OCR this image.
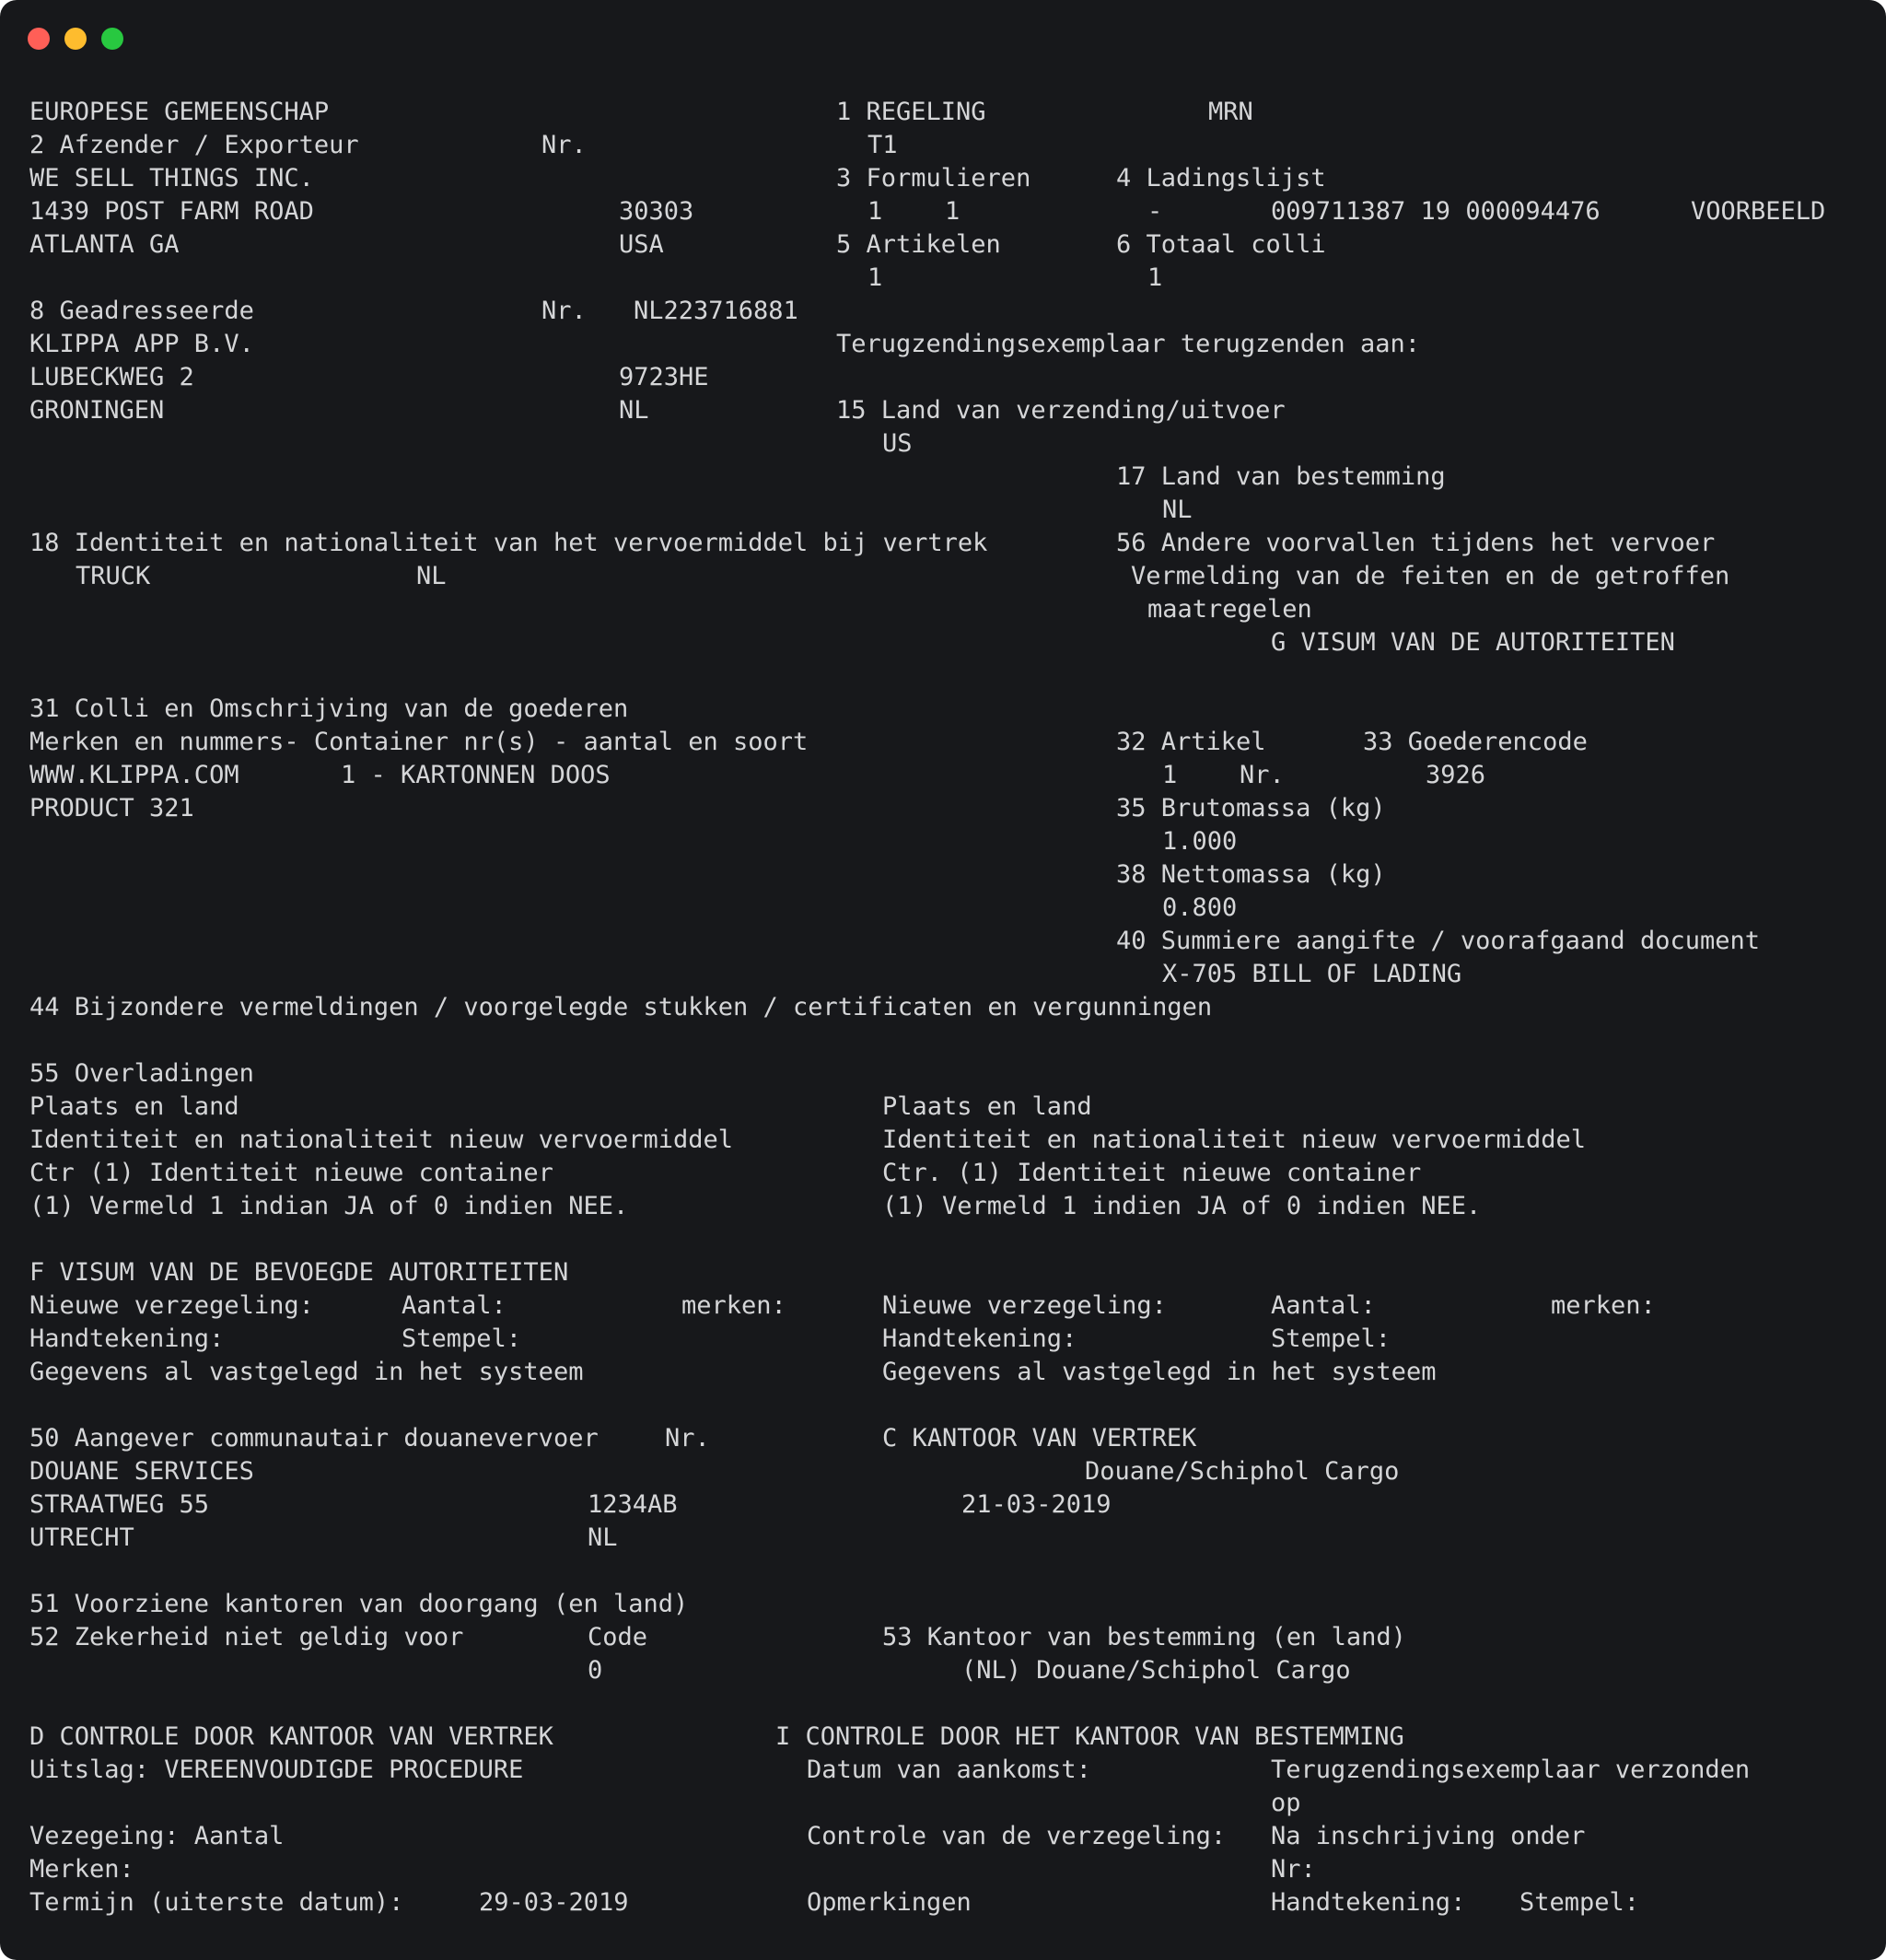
EUROPESE GEMEENSCHAP	1 REGELING	MRN
2 Afzender / Exporteur	Nr.	T1
WE SELL THINGS INC.	3 Formulieren	4 Ladingslijst
1439 POST FARM ROAD	30303	1	1	-	009711387 19 000094476	VOORBEELD
ATLANTA GA	USA	5 Artikelen	6 Totaal colli
1	1
8 Geadresseerde	Nr. NL223716881
KLIPPA APP B.V.	Terugzendingsexemplaar terugzenden aan:
LUBECKWEG 2	9723HE
GRONINGEN	NL	15 Land van verzending/uitvoer
US
17 Land van bestemming
NL
18 Identiteit en nationaliteit van het vervoermiddel bij vertrek	56 Andere voorvallen tijdens het vervoer
TRUCK	NL	Vermelding van de feiten en de getroffen
maatregelen
G VISUM VAN DE AUTORITEITEN
31 Colli en Omschrijving van de goederen
Merken en nummers- Container nr(s) - aantal en soort	32 Artikel	33 Goederencode
WWW.KLIPPA.COM	1 - KARTONNEN DOOS	1	Nr.	3926
PRODUCT 321	35 Brutomassa (kg)
1.000
38 Nettomassa (kg)
0.800
40 Summiere aangifte / voorafgaand document
X-705 BILL OF LADING
44 Bijzondere vermeldingen / voorgelegde stukken / certificaten en vergunningen
55 Overladingen
Plaats en land	Plaats en land
Identiteit en nationaliteit nieuw vervoermiddel	Identiteit en nationaliteit nieuw vervoermiddel
Ctr (1) Identiteit nieuwe container	Ctr. (1) Identiteit nieuwe container
(1) Vermeld 1 indian JA of 0 indien NEE.	(1) Vermeld 1 indien JA of 0 indien NEE.
F VISUM VAN DE BEVOEGDE AUTORITEITEN
Nieuwe verzegeling:	Aantal:	merken:	Nieuwe verzegeling:	Aantal:	merken:
Handtekening:	Stempel:	Handtekening:	Stempel:
Gegevens al vastgelegd in het systeem	Gegevens al vastgelegd in het systeem
50 Aangever communautair douanevervoer	Nr.	C KANTOOR VAN VERTREK
DOUANE SERVICES	Douane/Schiphol Cargo
STRAATWEG 55	1234AB	21-03-2019
UTRECHT	NL
51 Voorziene kantoren van doorgang (en land)
52 Zekerheid niet geldig voor	Code	53 Kantoor van bestemming (en land)
0	(NL) Douane/Schiphol Cargo
D CONTROLE DOOR KANTOOR VAN VERTREK	I CONTROLE DOOR HET KANTOOR VAN BESTEMMING
Uitslag: VEREENVOUDIGDE PROCEDURE	Datum van aankomst:	Terugzendingsexemplaar verzonden
op
Vezegeing: Aantal	Controle van de verzegeling: Na inschrijving onder
Merken:	Nr:
Termijn (uiterste datum):	29-03-2019	Opmerkingen	Handtekening: Stempel:
